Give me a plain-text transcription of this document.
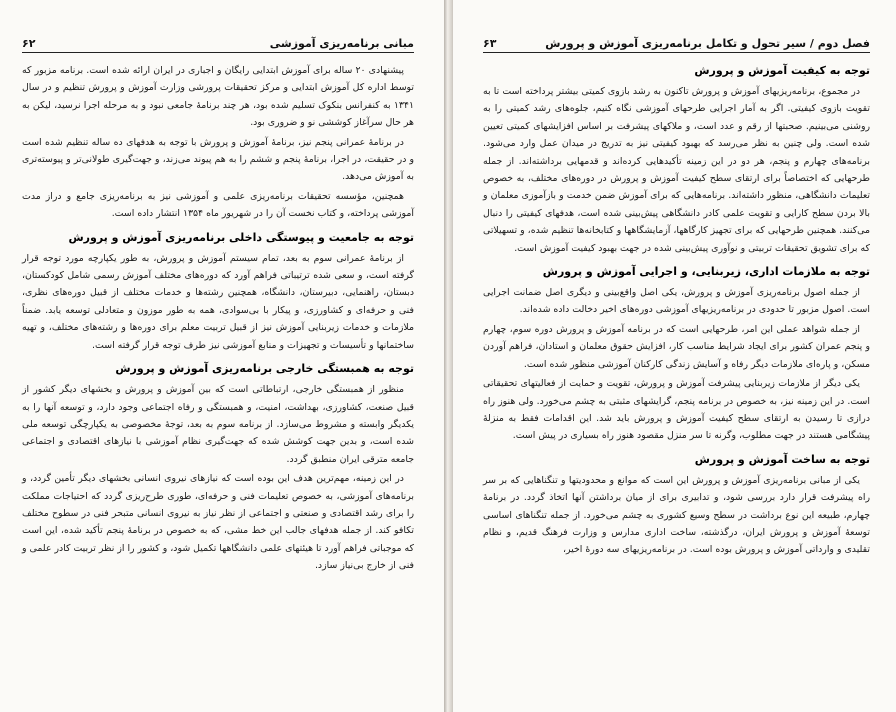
مبانی برنامه‌ریزی آموزشی
۶۲

پیشنهادی ۲۰ ساله برای آموزش ابتدایی رایگان و اجباری در ایران ارائه شده است. برنامه مزبور که توسط اداره کل آموزش ابتدایی و مرکز تحقیقات پرورشی وزارت آموزش و پرورش تنظیم و در سال ۱۳۴۱ به کنفرانس بنکوک تسلیم شده بود، هر چند برنامهٔ جامعی نبود و به مرحله اجرا نرسید، لیکن به هر حال سرآغاز کوششی نو و ضروری بود.

در برنامهٔ عمرانی پنجم نیز، برنامهٔ آموزش و پرورش با توجه به هدفهای ده ساله تنظیم شده است و در حقیقت، در اجرا، برنامهٔ پنجم و ششم را به هم پیوند می‌زند، و جهت‌گیری طولانی‌تر و پیوسته‌تری به آموزش می‌دهد.

همچنین، مؤسسه تحقیقات برنامه‌ریزی علمی و آموزشی نیز به برنامه‌ریزی جامع و دراز مدت آموزشی پرداخته، و کتاب نخست آن را در شهریور ماه ۱۳۵۴ انتشار داده است.

توجه به جامعیت و پیوستگی داخلی برنامه‌ریزی آموزش و پرورش

از برنامهٔ عمرانی سوم به بعد، تمام سیستم آموزش و پرورش، به طور یکپارچه مورد توجه قرار گرفته است، و سعی شده ترتیباتی فراهم آورد که دوره‌های مختلف آموزش رسمی شامل کودکستان، دبستان، راهنمایی، دبیرستان، دانشگاه، همچنین رشته‌ها و خدمات مختلف از قبیل دوره‌های نظری، فنی و حرفه‌ای و کشاورزی، و پیکار با بی‌سوادی، همه به طور موزون و متعادلی توسعه یابد. ضمناً ملازمات و خدمات زیربنایی آموزش نیز از قبیل تربیت معلم برای دوره‌ها و رشته‌های مختلف، و تهیه ساختمانها و تأسیسات و تجهیزات و منابع آموزشی نیز طرف توجه قرار گرفته است.

توجه به همبستگی خارجی برنامه‌ریزی آموزش و پرورش

منظور از همبستگی خارجی، ارتباطاتی است که بین آموزش و پرورش و بخشهای دیگر کشور از قبیل صنعت، کشاورزی، بهداشت، امنیت، و همبستگی و رفاه اجتماعی وجود دارد، و توسعه آنها را به یکدیگر وابسته و مشروط می‌سازد. از برنامه سوم به بعد، توجهٔ مخصوصی به یکپارچگی توسعه ملی شده است، و بدین جهت کوشش شده که جهت‌گیری نظام آموزشی با نیازهای اقتصادی و اجتماعی جامعه مترقی ایران منطبق گردد.

در این زمینه، مهم‌ترین هدف این بوده است که نیازهای نیروی انسانی بخشهای دیگر تأمین گردد، و برنامه‌های آموزشی، به خصوص تعلیمات فنی و حرفه‌ای، طوری طرح‌ریزی گردد که احتیاجات مملکت را برای رشد اقتصادی و صنعتی و اجتماعی از نظر نیاز به نیروی انسانی متبحر فنی در سطوح مختلف تکافو کند. از جمله هدفهای جالب این خط مشی، که به خصوص در برنامهٔ پنجم تأکید شده، این است که موجباتی فراهم آورد تا هیئتهای علمی دانشگاهها تکمیل شود، و کشور را از نظر تربیت کادر علمی و فنی از خارج بی‌نیاز سازد.

فصل دوم / سیر تحول و تکامل برنامه‌ریزی آموزش و پرورش
۶۳
توجه به کیفیت آموزش و پرورش

در مجموع، برنامه‌ریزیهای آموزش و پرورش تاکنون به رشد بازوی کمیتی بیشتر پرداخته است تا به تقویت بازوی کیفیتی. اگر به آمار اجرایی طرحهای آموزشی نگاه کنیم، جلوه‌های رشد کمیتی را به روشنی می‌بینیم. صحبتها از رقم و عدد است، و ملاکهای پیشرفت بر اساس افزایشهای کمیتی تعیین شده است. ولی چنین به نظر می‌رسد که بهبود کیفیتی نیز به تدریج در میدان عمل وارد می‌شود. برنامه‌های چهارم و پنجم، هر دو در این زمینه تأکیدهایی کرده‌اند و قدمهایی برداشته‌اند. از جمله طرحهایی که اختصاصاً برای ارتقای سطح کیفیت آموزش و پرورش در دوره‌های مختلف، به خصوص تعلیمات دانشگاهی، منظور داشته‌اند. برنامه‌هایی که برای آموزش ضمن خدمت و بازآموزی معلمان و بالا بردن سطح کارایی و تقویت علمی کادر دانشگاهی پیش‌بینی شده است، هدفهای کیفیتی را دنبال می‌کنند. همچنین طرحهایی که برای تجهیز کارگاهها، آزمایشگاهها و کتابخانه‌ها تنظیم شده، و تسهیلاتی که برای تشویق تحقیقات تربیتی و نوآوری پیش‌بینی شده در جهت بهبود کیفیت آموزش است.

توجه به ملازمات اداری، زیربنایی، و اجرایی آموزش و پرورش

از جمله اصول برنامه‌ریزی آموزش و پرورش، یکی اصل واقع‌بینی و دیگری اصل ضمانت اجرایی است. اصول مزبور تا حدودی در برنامه‌ریزیهای آموزشی دوره‌های اخیر دخالت داده شده‌اند.

از جمله شواهد عملی این امر، طرحهایی است که در برنامه آموزش و پرورش دوره سوم، چهارم و پنجم عمران کشور برای ایجاد شرایط مناسب کار، افزایش حقوق معلمان و استادان، فراهم آوردن مسکن، و پاره‌ای ملازمات دیگر رفاه و آسایش زندگی کارکنان آموزشی منظور شده است.

یکی دیگر از ملازمات زیربنایی پیشرفت آموزش و پرورش، تقویت و حمایت از فعالیتهای تحقیقاتی است. در این زمینه نیز، به خصوص در برنامه پنجم، گرایشهای مثبتی به چشم می‌خورد. ولی هنوز راه درازی تا رسیدن به ارتقای سطح کیفیت آموزش و پرورش باید شد. این اقدامات فقط به منزلهٔ پیشگامی هستند در جهت مطلوب، وگرنه تا سر منزل مقصود هنوز راه بسیاری در پیش است.

توجه به ساخت آموزش و پرورش

یکی از مبانی برنامه‌ریزی آموزش و پرورش این است که موانع و محدودیتها و تنگناهایی که بر سر راه پیشرفت قرار دارد بررسی شود، و تدابیری برای از میان برداشتن آنها اتخاذ گردد. در برنامهٔ چهارم، طبیعه این نوع برداشت در سطح وسیع کشوری به چشم می‌خورد. از جمله تنگناهای اساسی توسعهٔ آموزش و پرورش ایران، درگذشته، ساخت اداری مدارس و وزارت فرهنگ قدیم، و نظام تقلیدی و وارداتی آموزش و پرورش بوده است. در برنامه‌ریزیهای سه دورهٔ اخیر،
